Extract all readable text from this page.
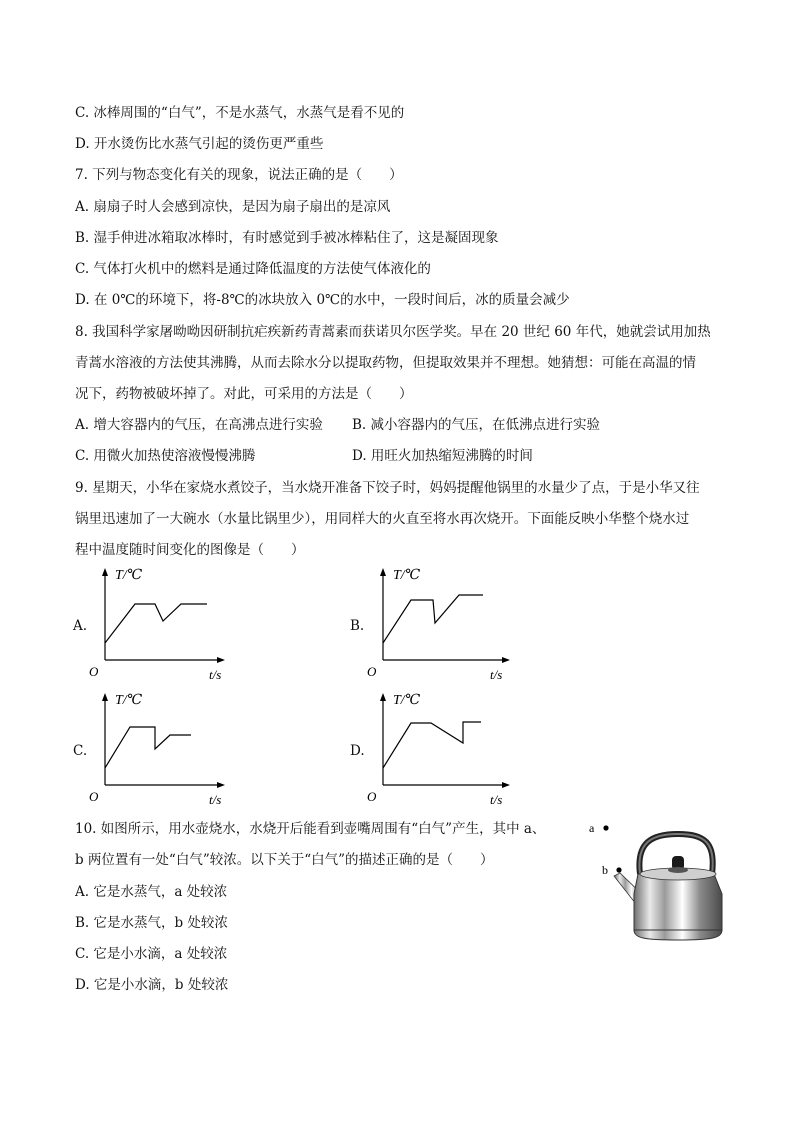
C. 冰棒周围的“白气”，不是水蒸气，水蒸气是看不见的
D. 开水烫伤比水蒸气引起的烫伤更严重些
7. 下列与物态变化有关的现象，说法正确的是（　　）
A. 扇扇子时人会感到凉快，是因为扇子扇出的是凉风
B. 湿手伸进冰箱取冰棒时，有时感觉到手被冰棒粘住了，这是凝固现象
C. 气体打火机中的燃料是通过降低温度的方法使气体液化的
D. 在 0℃的环境下，将-8℃的冰块放入 0℃的水中，一段时间后，冰的质量会减少
8. 我国科学家屠呦呦因研制抗疟疾新药青蒿素而获诺贝尔医学奖。早在 20 世纪 60 年代，她就尝试用加热
青蒿水溶液的方法使其沸腾，从而去除水分以提取药物，但提取效果并不理想。她猜想：可能在高温的情
况下，药物被破坏掉了。对此，可采用的方法是（　　）
A. 增大容器内的气压，在高沸点进行实验 B. 减小容器内的气压，在低沸点进行实验
C. 用微火加热使溶液慢慢沸腾	D. 用旺火加热缩短沸腾的时间
9. 星期天，小华在家烧水煮饺子，当水烧开准备下饺子时，妈妈提醒他锅里的水量少了点，于是小华又往
锅里迅速加了一大碗水（水量比锅里少），用同样大的火直至将水再次烧开。下面能反映小华整个烧水过
程中温度随时间变化的图像是（　　）
A.
T/℃
O	t/s
B.
T/℃
O	t/s
C.
T/℃
O	t/s
D.
T/℃
O	t/s
10. 如图所示，用水壶烧水，水烧开后能看到壶嘴周围有“白气”产生，其中 a、
b 两位置有一处“白气”较浓。以下关于“白气”的描述正确的是（　　）
A. 它是水蒸气，a 处较浓
B. 它是水蒸气，b 处较浓
C. 它是小水滴，a 处较浓
D. 它是小水滴，b 处较浓
a
b
